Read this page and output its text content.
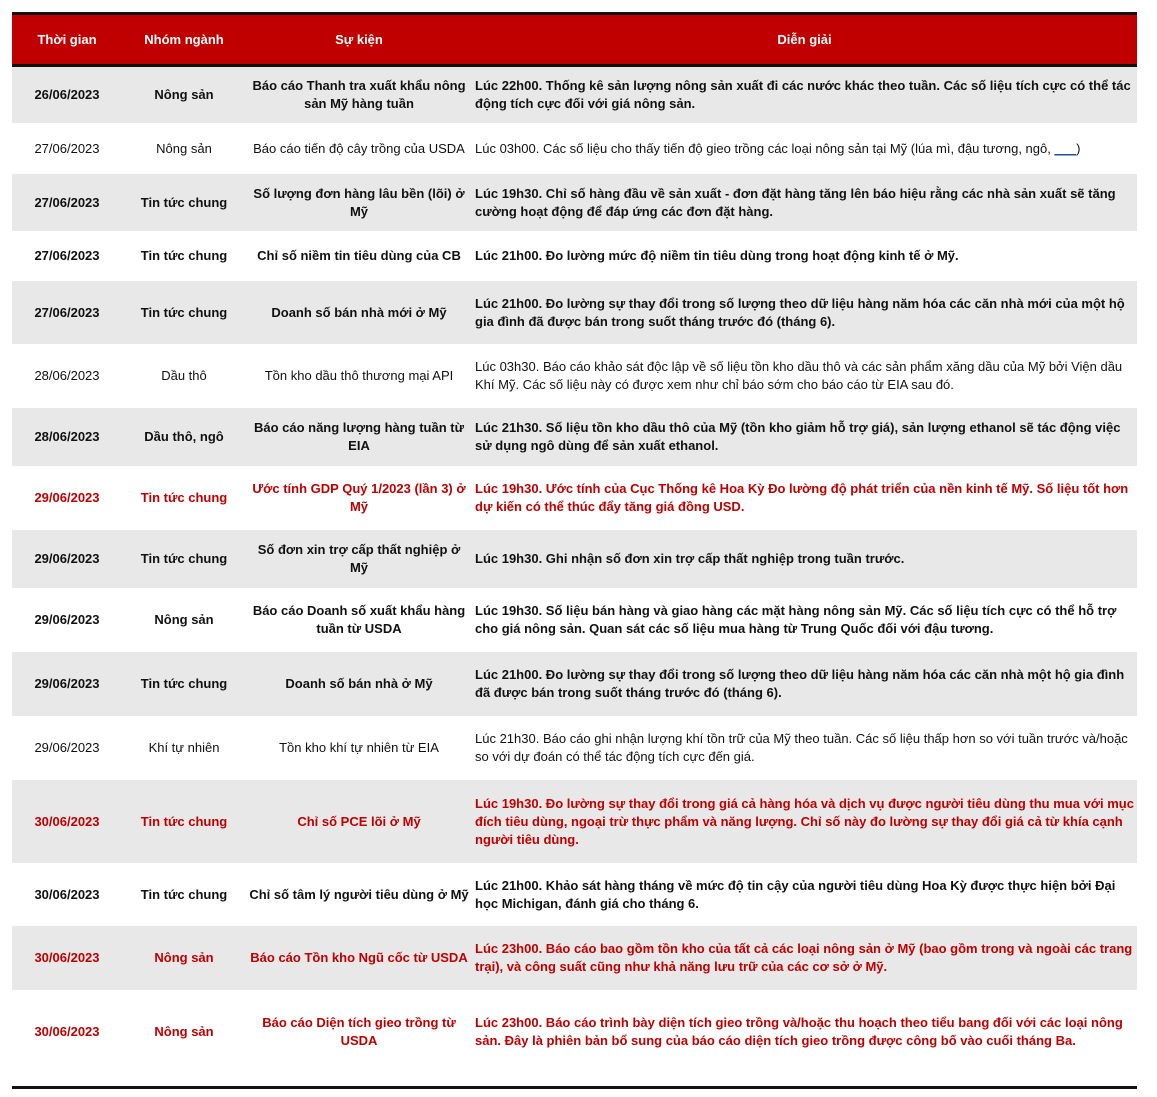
Thời gian	Nhóm ngành	Sự kiện	Diễn giải

26/06/2023	Nông sản	Báo cáo Thanh tra xuất khẩu nông sản Mỹ hàng tuần	Lúc 22h00. Thống kê sản lượng nông sản xuất đi các nước khác theo tuần. Các số liệu tích cực có thể tác động tích cực đối với giá nông sản.
27/06/2023	Nông sản	Báo cáo tiến độ cây trồng của USDA	Lúc 03h00. Các số liệu cho thấy tiến độ gieo trồng các loại nông sản tại Mỹ (lúa mì, đậu tương, ngô, ___)
27/06/2023	Tin tức chung	Số lượng đơn hàng lâu bền (lõi) ở Mỹ	Lúc 19h30. Chỉ số hàng đầu về sản xuất - đơn đặt hàng tăng lên báo hiệu rằng các nhà sản xuất sẽ tăng cường hoạt động để đáp ứng các đơn đặt hàng.
27/06/2023	Tin tức chung	Chỉ số niềm tin tiêu dùng của CB	Lúc 21h00. Đo lường mức độ niềm tin tiêu dùng trong hoạt động kinh tế ở Mỹ.
27/06/2023	Tin tức chung	Doanh số bán nhà mới ở Mỹ	Lúc 21h00. Đo lường sự thay đổi trong số lượng theo dữ liệu hàng năm hóa các căn nhà mới của một hộ gia đình đã được bán trong suốt tháng trước đó (tháng 6).
28/06/2023	Dầu thô	Tồn kho dầu thô thương mại API	Lúc 03h30. Báo cáo khảo sát độc lập về số liệu tồn kho dầu thô và các sản phẩm xăng dầu của Mỹ bởi Viện dầu Khí Mỹ. Các số liệu này có được xem như chỉ báo sớm cho báo cáo từ EIA sau đó.
28/06/2023	Dầu thô, ngô	Báo cáo năng lượng hàng tuần từ EIA	Lúc 21h30. Số liệu tồn kho dầu thô của Mỹ (tồn kho giảm hỗ trợ giá), sản lượng ethanol sẽ tác động việc sử dụng ngô dùng để sản xuất ethanol.
29/06/2023	Tin tức chung	Ước tính GDP Quý 1/2023 (lần 3) ở Mỹ	Lúc 19h30. Ước tính của Cục Thống kê Hoa Kỳ Đo lường độ phát triển của nền kinh tế Mỹ. Số liệu tốt hơn dự kiến có thể thúc đẩy tăng giá đồng USD.
29/06/2023	Tin tức chung	Số đơn xin trợ cấp thất nghiệp ở Mỹ	Lúc 19h30. Ghi nhận số đơn xin trợ cấp thất nghiệp trong tuần trước.
29/06/2023	Nông sản	Báo cáo Doanh số xuất khẩu hàng tuần từ USDA	Lúc 19h30. Số liệu bán hàng và giao hàng các mặt hàng nông sản Mỹ. Các số liệu tích cực có thể hỗ trợ cho giá nông sản. Quan sát các số liệu mua hàng từ Trung Quốc đối với đậu tương.
29/06/2023	Tin tức chung	Doanh số bán nhà ở Mỹ	Lúc 21h00. Đo lường sự thay đổi trong số lượng theo dữ liệu hàng năm hóa các căn nhà một hộ gia đình đã được bán trong suốt tháng trước đó (tháng 6).
29/06/2023	Khí tự nhiên	Tồn kho khí tự nhiên từ EIA	Lúc 21h30. Báo cáo ghi nhận lượng khí tồn trữ của Mỹ theo tuần. Các số liệu thấp hơn so với tuần trước và/hoặc so với dự đoán có thể tác động tích cực đến giá.
30/06/2023	Tin tức chung	Chỉ số PCE lõi ở Mỹ	Lúc 19h30. Đo lường sự thay đổi trong giá cả hàng hóa và dịch vụ được người tiêu dùng thu mua với mục đích tiêu dùng, ngoại trừ thực phẩm và năng lượng. Chỉ số này đo lường sự thay đổi giá cả từ khía cạnh người tiêu dùng.
30/06/2023	Tin tức chung	Chỉ số tâm lý người tiêu dùng ở Mỹ	Lúc 21h00. Khảo sát hàng tháng về mức độ tin cậy của người tiêu dùng Hoa Kỳ được thực hiện bởi Đại học Michigan, đánh giá cho tháng 6.
30/06/2023	Nông sản	Báo cáo Tồn kho Ngũ cốc từ USDA	Lúc 23h00. Báo cáo bao gồm tồn kho của tất cả các loại nông sản ở Mỹ (bao gồm trong và ngoài các trang trại), và công suất cũng như khả năng lưu trữ của các cơ sở ở Mỹ.
30/06/2023	Nông sản	Báo cáo Diện tích gieo trồng từ USDA	Lúc 23h00. Báo cáo trình bày diện tích gieo trồng và/hoặc thu hoạch theo tiểu bang đối với các loại nông sản. Đây là phiên bản bổ sung của báo cáo diện tích gieo trồng được công bố vào cuối tháng Ba.
